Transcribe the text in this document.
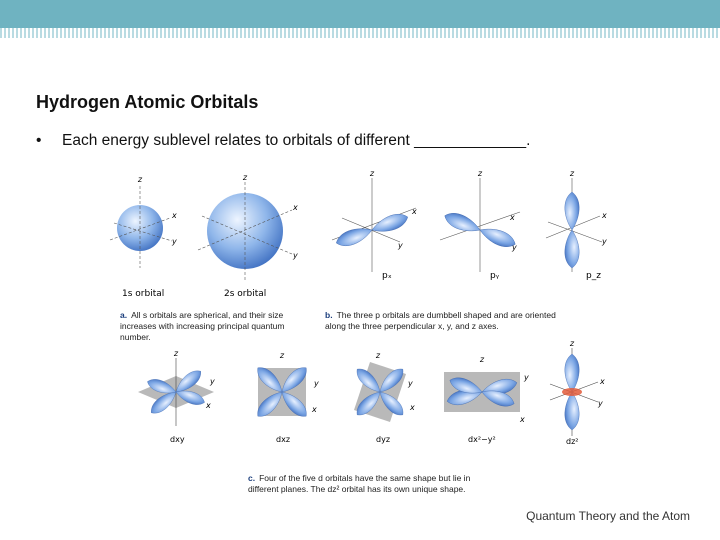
Hydrogen Atomic Orbitals
•	Each energy sublevel relates to orbitals of different _____________.
z
x
y
z
x
y
1s orbital	2s orbital
z
x
y
pₓ
z
x
y
pᵧ
z
x
y
p_z
z
y
x
dxy
z
y
x
dxz
z
y
x
dyz
z
y
x
dx²−y²
z
x
y
dz²
a. All s orbitals are spherical, and their size increases with increasing principal quantum number.
b. The three p orbitals are dumbbell shaped and are oriented along the three perpendicular x, y, and z axes.
c. Four of the five d orbitals have the same shape but lie in different planes. The dz² orbital has its own unique shape.
Quantum Theory and the Atom
